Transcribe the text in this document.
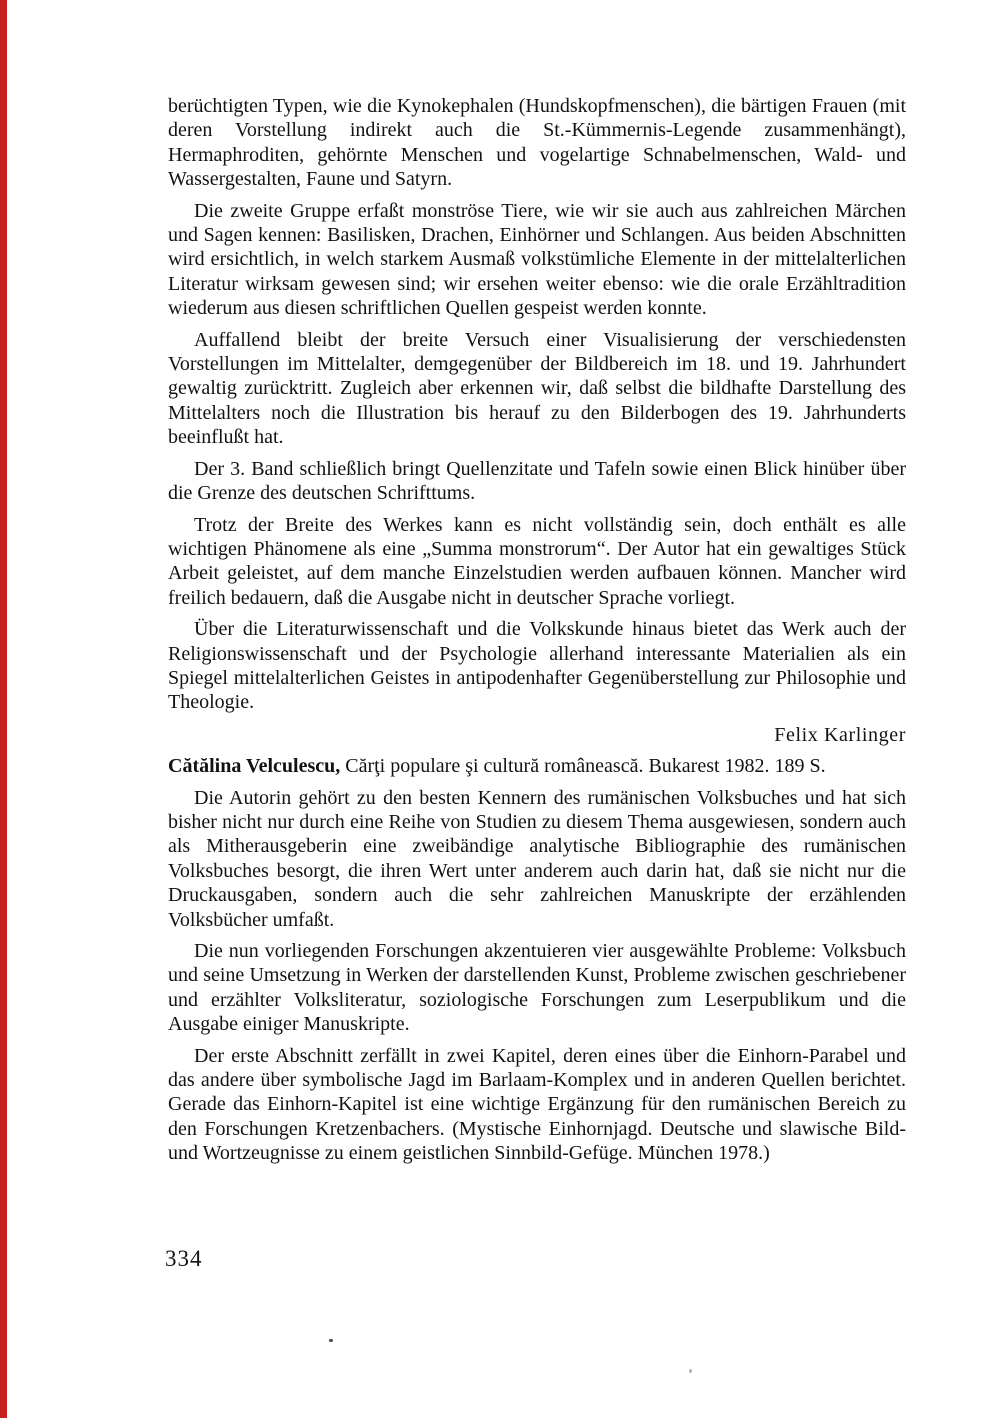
berüchtigten Typen, wie die Kynokephalen (Hundskopfmenschen), die bärtigen Frauen (mit deren Vorstellung indirekt auch die St.-Kümmernis-Legende zusammenhängt), Hermaphroditen, gehörnte Menschen und vogelartige Schnabelmenschen, Wald- und Wassergestalten, Faune und Satyrn.

Die zweite Gruppe erfaßt monströse Tiere, wie wir sie auch aus zahlreichen Märchen und Sagen kennen: Basilisken, Drachen, Einhörner und Schlangen. Aus beiden Abschnitten wird ersichtlich, in welch starkem Ausmaß volkstümliche Elemente in der mittelalterlichen Literatur wirksam gewesen sind; wir ersehen weiter ebenso: wie die orale Erzähltradition wiederum aus diesen schriftlichen Quellen gespeist werden konnte.

Auffallend bleibt der breite Versuch einer Visualisierung der verschiedensten Vorstellungen im Mittelalter, demgegenüber der Bildbereich im 18. und 19. Jahrhundert gewaltig zurücktritt. Zugleich aber erkennen wir, daß selbst die bildhafte Darstellung des Mittelalters noch die Illustration bis herauf zu den Bilderbogen des 19. Jahrhunderts beeinflußt hat.

Der 3. Band schließlich bringt Quellenzitate und Tafeln sowie einen Blick hinüber über die Grenze des deutschen Schrifttums.

Trotz der Breite des Werkes kann es nicht vollständig sein, doch enthält es alle wichtigen Phänomene als eine „Summa monstrorum“. Der Autor hat ein gewaltiges Stück Arbeit geleistet, auf dem manche Einzelstudien werden aufbauen können. Mancher wird freilich bedauern, daß die Ausgabe nicht in deutscher Sprache vorliegt.

Über die Literaturwissenschaft und die Volkskunde hinaus bietet das Werk auch der Religionswissenschaft und der Psychologie allerhand interessante Materialien als ein Spiegel mittelalterlichen Geistes in antipodenhafter Gegenüberstellung zur Philosophie und Theologie.

Felix Karlinger

Cătălina Velculescu, Cărţi populare şi cultură românească. Bukarest 1982. 189 S.

Die Autorin gehört zu den besten Kennern des rumänischen Volksbuches und hat sich bisher nicht nur durch eine Reihe von Studien zu diesem Thema ausgewiesen, sondern auch als Mitherausgeberin eine zweibändige analytische Bibliographie des rumänischen Volksbuches besorgt, die ihren Wert unter anderem auch darin hat, daß sie nicht nur die Druckausgaben, sondern auch die sehr zahlreichen Manuskripte der erzählenden Volksbücher umfaßt.

Die nun vorliegenden Forschungen akzentuieren vier ausgewählte Probleme: Volksbuch und seine Umsetzung in Werken der darstellenden Kunst, Probleme zwischen geschriebener und erzählter Volksliteratur, soziologische Forschungen zum Leserpublikum und die Ausgabe einiger Manuskripte.

Der erste Abschnitt zerfällt in zwei Kapitel, deren eines über die Einhorn-Parabel und das andere über symbolische Jagd im Barlaam-Komplex und in anderen Quellen berichtet. Gerade das Einhorn-Kapitel ist eine wichtige Ergänzung für den rumänischen Bereich zu den Forschungen Kretzenbachers. (Mystische Einhornjagd. Deutsche und slawische Bild- und Wortzeugnisse zu einem geistlichen Sinnbild-Gefüge. München 1978.)

334
